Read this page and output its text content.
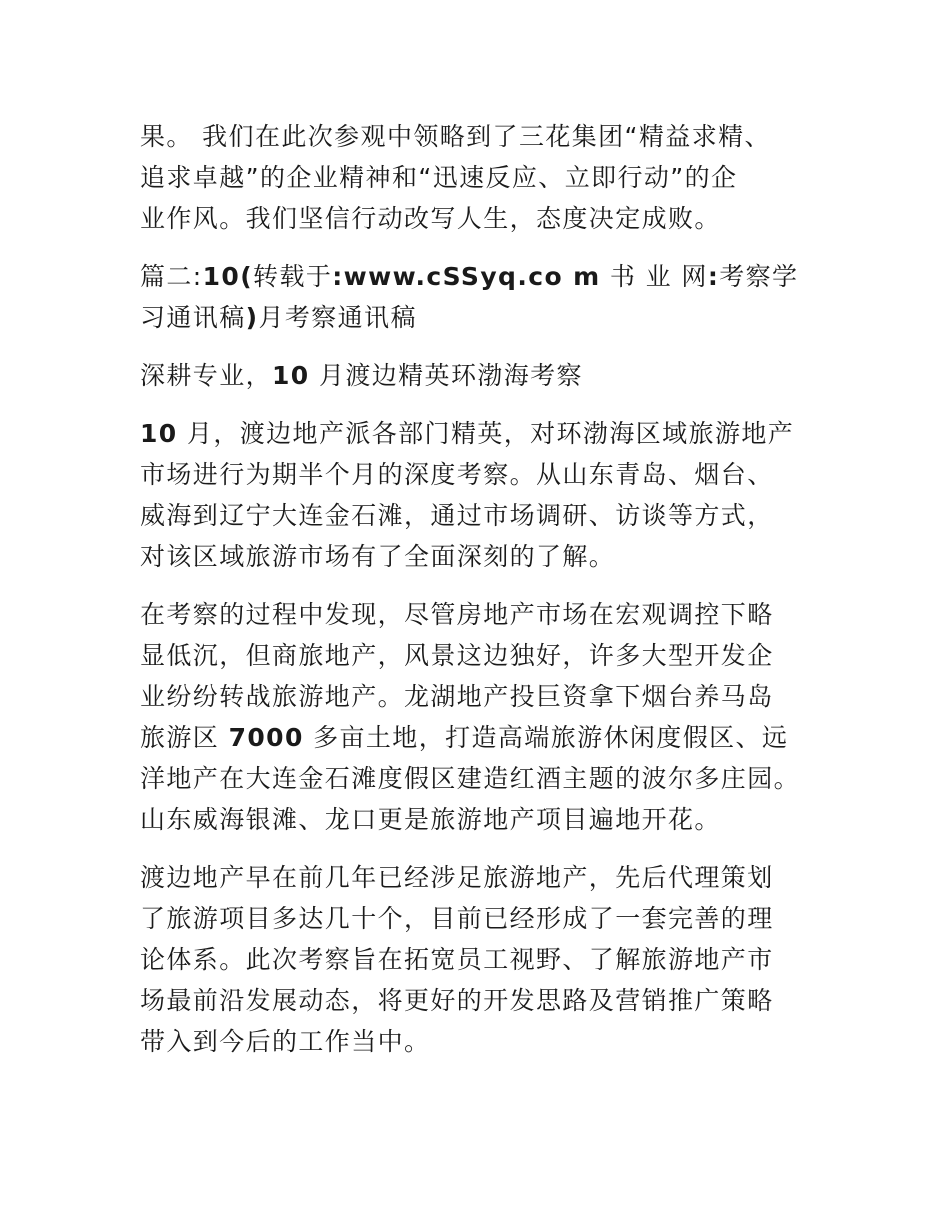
果。 我们在此次参观中领略到了三花集团“精益求精、
追求卓越”的企业精神和“迅速反应、立即行动”的企
业作风。我们坚信行动改写人生，态度决定成败。

篇二:10(转载于:www.cSSyq.co m 书 业 网:考察学
习通讯稿)月考察通讯稿

深耕专业，10 月渡边精英环渤海考察

10 月，渡边地产派各部门精英，对环渤海区域旅游地产
市场进行为期半个月的深度考察。从山东青岛、烟台、
威海到辽宁大连金石滩，通过市场调研、访谈等方式，
对该区域旅游市场有了全面深刻的了解。

在考察的过程中发现，尽管房地产市场在宏观调控下略
显低沉，但商旅地产，风景这边独好，许多大型开发企
业纷纷转战旅游地产。龙湖地产投巨资拿下烟台养马岛
旅游区 7000 多亩土地，打造高端旅游休闲度假区、远
洋地产在大连金石滩度假区建造红酒主题的波尔多庄园。
山东威海银滩、龙口更是旅游地产项目遍地开花。

渡边地产早在前几年已经涉足旅游地产，先后代理策划
了旅游项目多达几十个，目前已经形成了一套完善的理
论体系。此次考察旨在拓宽员工视野、了解旅游地产市
场最前沿发展动态，将更好的开发思路及营销推广策略
带入到今后的工作当中。
